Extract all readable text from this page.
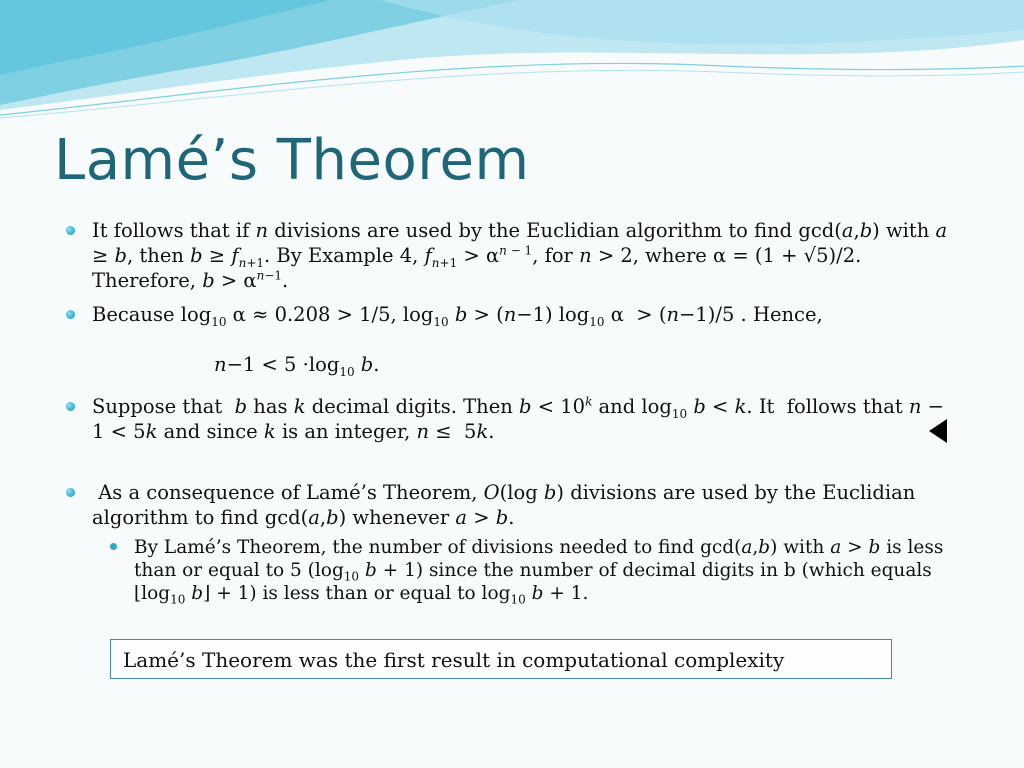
Lamé’s Theorem
It follows that if n divisions are used by the Euclidian algorithm to find gcd(a,b) with a ≥ b, then $b \ge f_{n+1}$. By Example 4, $f_{n+1} > \alpha^{n - 1}$, for n > 2, where α = (1 + √5)/2. Therefore, $b > \alpha^{n-1}$.
Because $\log_{10} \alpha \approx 0.208 > 1/5$, $\log_{10} b > (n-1)$ $\log_{10} \alpha > (n-1)/5$ . Hence,
$n-1 < 5 \cdot\log_{10}$ b.
Suppose that  b has k decimal digits. Then $b < 10^k$ and $\log_{10} b < k$. It  follows that n − 1 < 5k and since k is an integer, n ≤  5k.
As a consequence of Lamé’s Theorem, O(log b) divisions are used by the Euclidian algorithm to find gcd(a,b) whenever a > b.
By Lamé’s Theorem, the number of divisions needed to find gcd(a,b) with a > b is less than or equal to 5 ($\log_{10}$ b + 1) since the number of decimal digits in b (which equals $⌊\log_{10}$ b⌋ + 1) is less than or equal to $\log_{10} b + 1$.
Lamé’s Theorem was the first result in computational complexity
